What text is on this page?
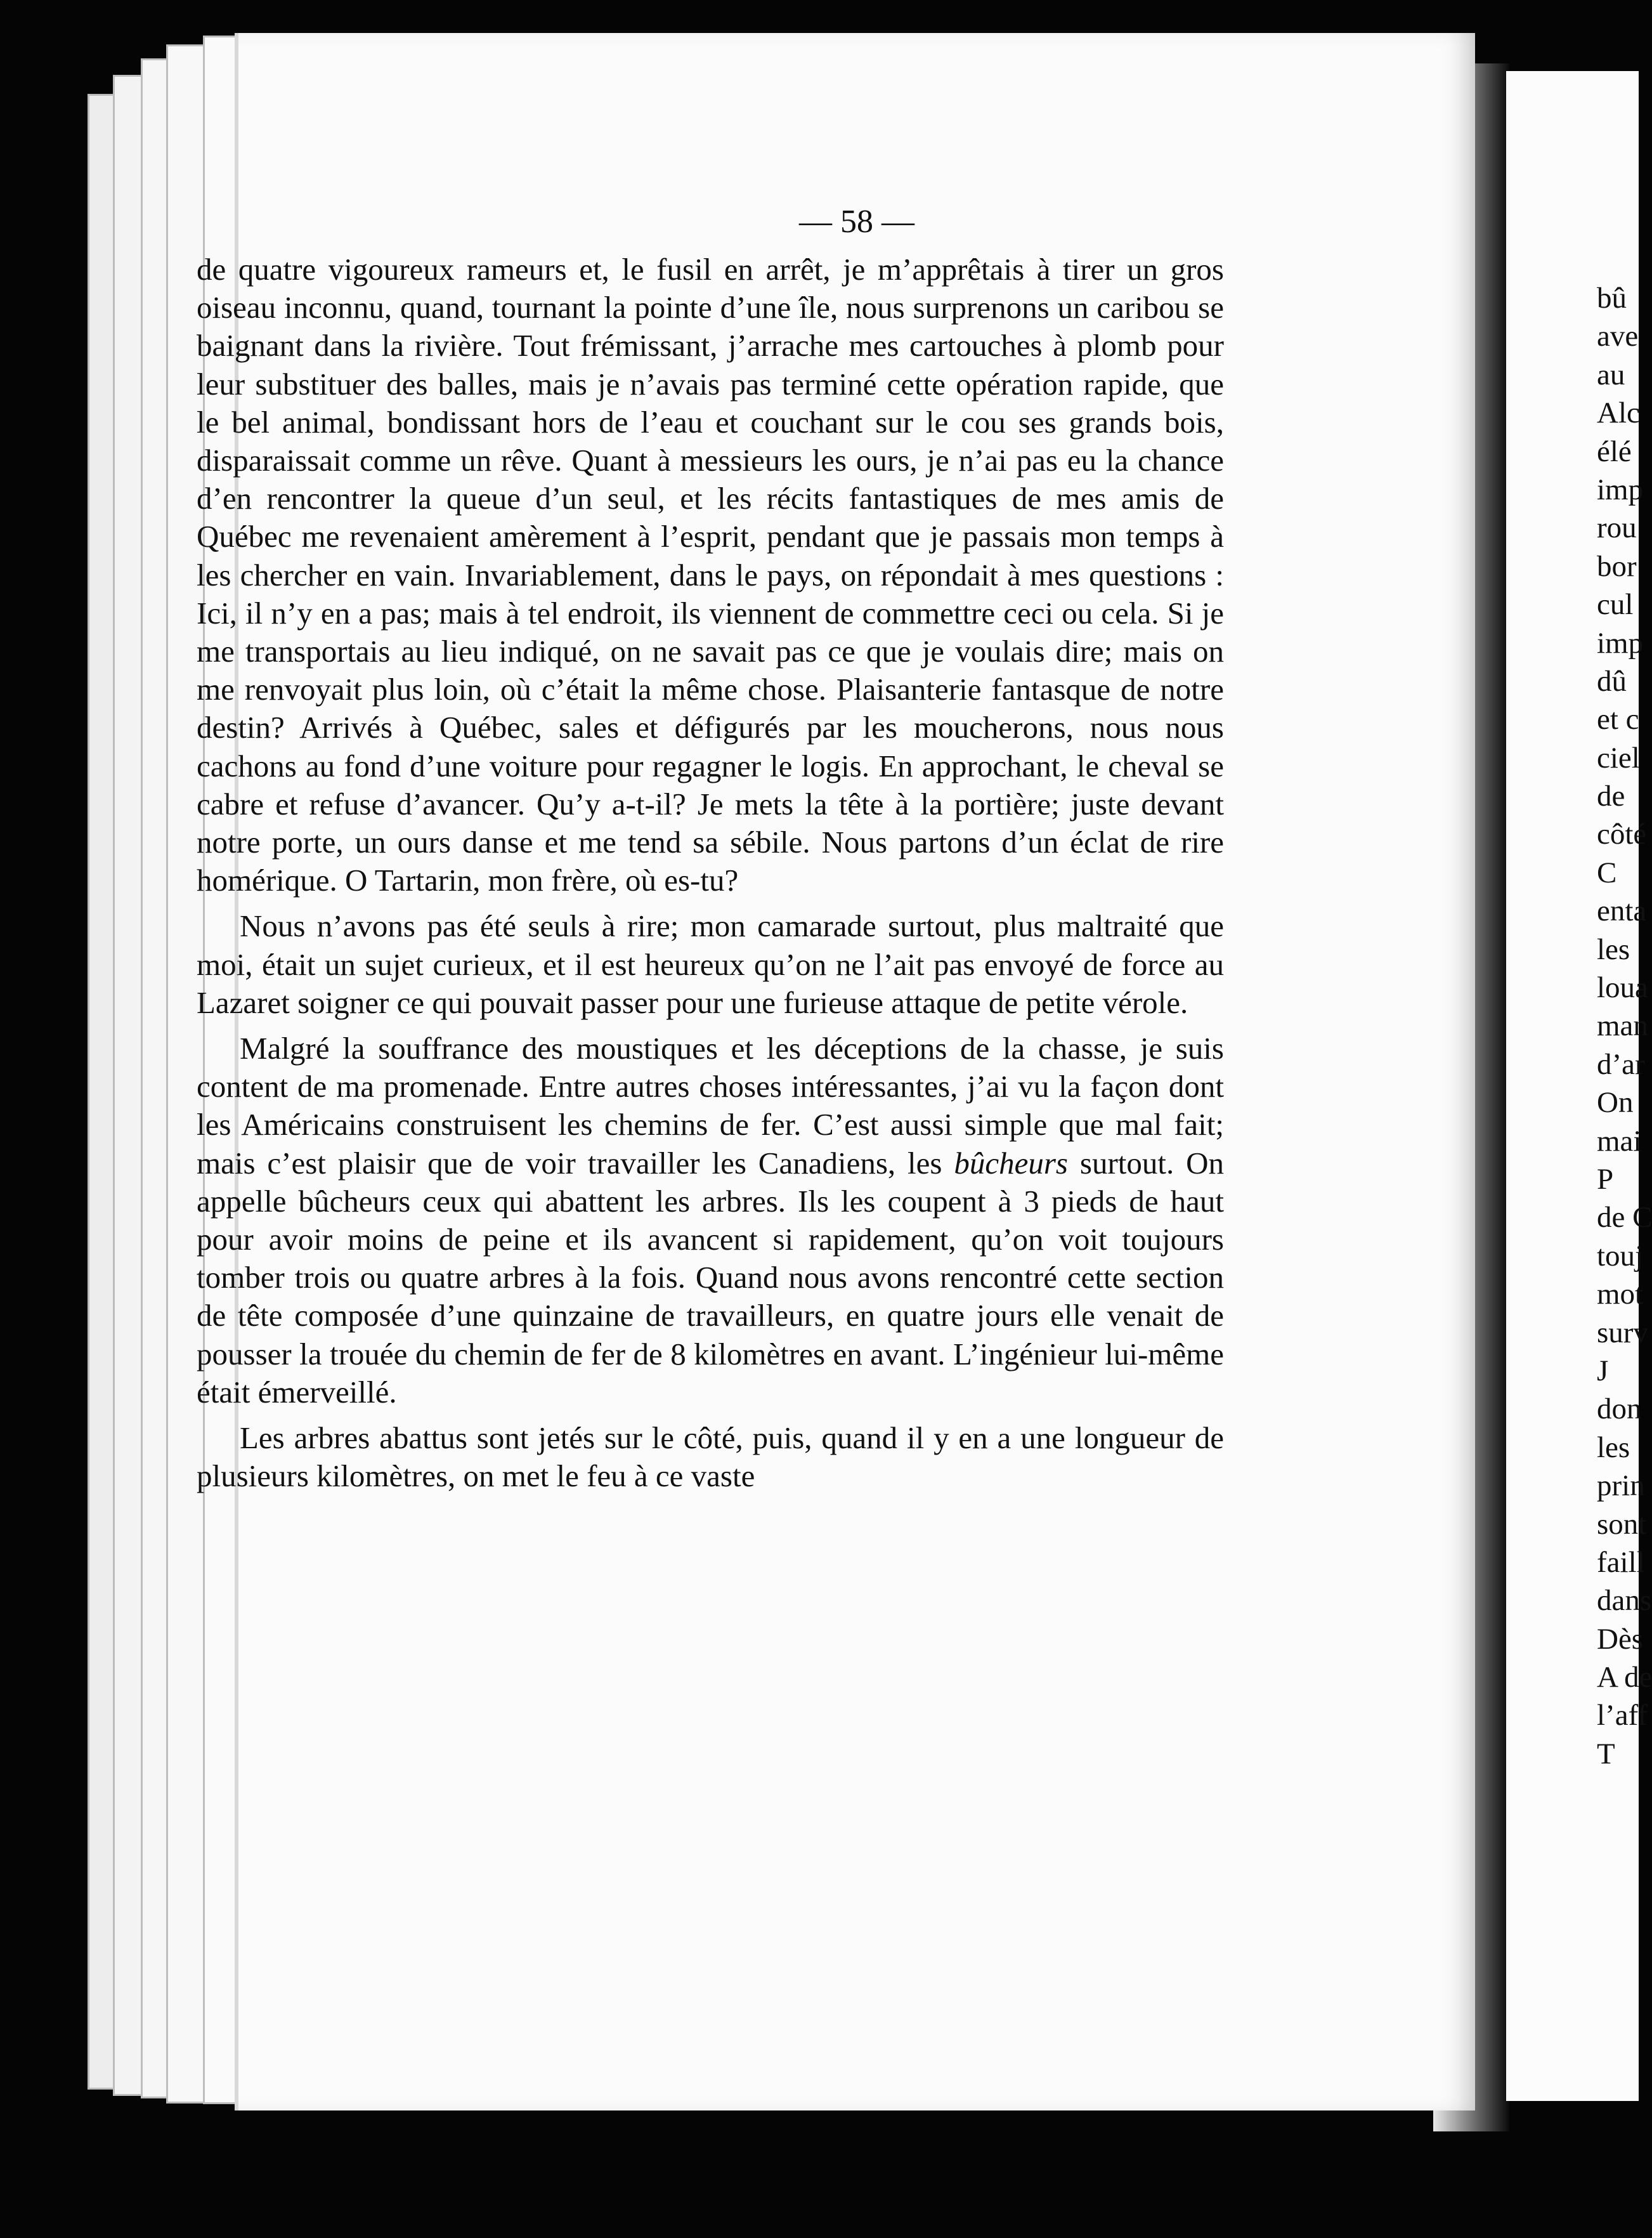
— 58 —

de quatre vigoureux rameurs et, le fusil en arrêt, je m’apprêtais à tirer un gros oiseau inconnu, quand, tournant la pointe d’une île, nous surprenons un caribou se baignant dans la rivière. Tout frémissant, j’arrache mes cartouches à plomb pour leur substituer des balles, mais je n’avais pas terminé cette opération rapide, que le bel animal, bondissant hors de l’eau et couchant sur le cou ses grands bois, disparaissait comme un rêve. Quant à messieurs les ours, je n’ai pas eu la chance d’en rencontrer la queue d’un seul, et les récits fantastiques de mes amis de Québec me revenaient amèrement à l’esprit, pendant que je passais mon temps à les chercher en vain. Invariablement, dans le pays, on répondait à mes questions : Ici, il n’y en a pas; mais à tel endroit, ils viennent de commettre ceci ou cela. Si je me transportais au lieu indiqué, on ne savait pas ce que je voulais dire; mais on me renvoyait plus loin, où c’était la même chose. Plaisanterie fantasque de notre destin? Arrivés à Québec, sales et défigurés par les moucherons, nous nous cachons au fond d’une voiture pour regagner le logis. En approchant, le cheval se cabre et refuse d’avancer. Qu’y a-t-il? Je mets la tête à la portière; juste devant notre porte, un ours danse et me tend sa sébile. Nous partons d’un éclat de rire homérique. O Tartarin, mon frère, où es-tu?

Nous n’avons pas été seuls à rire; mon camarade surtout, plus maltraité que moi, était un sujet curieux, et il est heureux qu’on ne l’ait pas envoyé de force au Lazaret soigner ce qui pouvait passer pour une furieuse attaque de petite vérole.

Malgré la souffrance des moustiques et les déceptions de la chasse, je suis content de ma promenade. Entre autres choses intéressantes, j’ai vu la façon dont les Américains construisent les chemins de fer. C’est aussi simple que mal fait; mais c’est plaisir que de voir travailler les Canadiens, les bûcheurs surtout. On appelle bûcheurs ceux qui abattent les arbres. Ils les coupent à 3 pieds de haut pour avoir moins de peine et ils avancent si rapidement, qu’on voit toujours tomber trois ou quatre arbres à la fois. Quand nous avons rencontré cette section de tête composée d’une quinzaine de travailleurs, en quatre jours elle venait de pousser la trouée du chemin de fer de 8 kilomètres en avant. L’ingénieur lui-même était émerveillé.

Les arbres abattus sont jetés sur le côté, puis, quand il y en a une longueur de plusieurs kilomètres, on met le feu à ce vaste

bû
ave
au
Alc
élé
imp
rou
bor
cul
imp
dû
et c
ciel
de
côté
C
enta
les
loua
man
d’ar
On
mai
P
de C
touj
mot
surv
J
don
les
prin
sont
faill
dans
Dès
A de
l’aff
T
